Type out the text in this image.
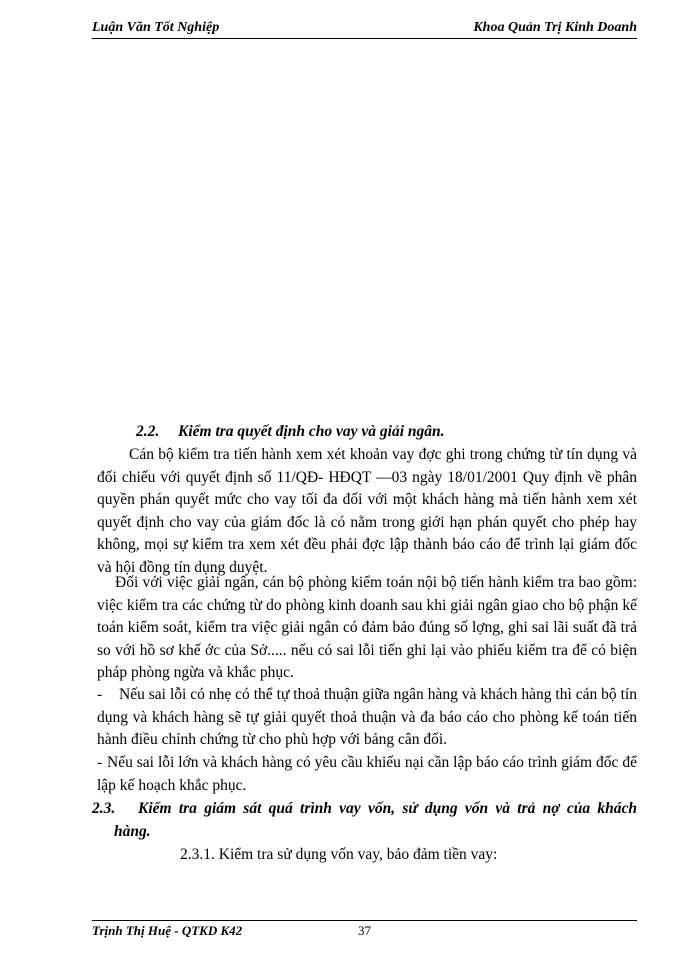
Luận Văn Tốt Nghiệp	Khoa Quản Trị Kinh Doanh
2.2. Kiểm tra quyết định cho vay và giải ngân.
Cán bộ kiểm tra tiến hành xem xét khoản vay đợc ghi trong chứng từ tín dụng và đối chiếu với quyết định số 11/QĐ- HĐQT —03 ngày 18/01/2001 Quy định về phân quyền phán quyết mức cho vay tối đa đối với một khách hàng mà tiến hành xem xét quyết định cho vay của giám đốc là có nằm trong giới hạn phán quyết cho phép hay không, mọi sự kiểm tra xem xét đều phải đợc lập thành báo cáo để trình lại giám đốc và hội đồng tín dụng duyệt.
Đối với việc giải ngân, cán bộ phòng kiểm toán nội bộ tiến hành kiểm tra bao gồm: việc kiểm tra các chứng từ do phòng kinh doanh sau khi giải ngân giao cho bộ phận kế toán kiểm soát, kiểm tra việc giải ngân có đảm bảo đúng số lợng, ghi sai lãi suất đã trả so với hồ sơ khế ớc của Sở..... nếu có sai lỗi tiến ghi lại vào phiếu kiểm tra để có biện pháp phòng ngừa và khắc phục.
-	Nếu sai lỗi có nhẹ có thể tự thoả thuận giữa ngân hàng và khách hàng thì cán bộ tín dụng và khách hàng sẽ tự giải quyết thoả thuận và đa báo cáo cho phòng kế toán tiến hành điều chỉnh chứng từ cho phù hợp với bảng cân đối.
- Nếu sai lỗi lớn và khách hàng có yêu cầu khiếu nại cần lập báo cáo trình giám đốc để lập kế hoạch khắc phục.
2.3.	Kiểm tra giám sát quá trình vay vốn, sử dụng vốn và trả nợ của khách
hàng.
2.3.1. Kiểm tra sử dụng vốn vay, bảo đảm tiền vay:
Trịnh Thị Huệ - QTKD K42	37
